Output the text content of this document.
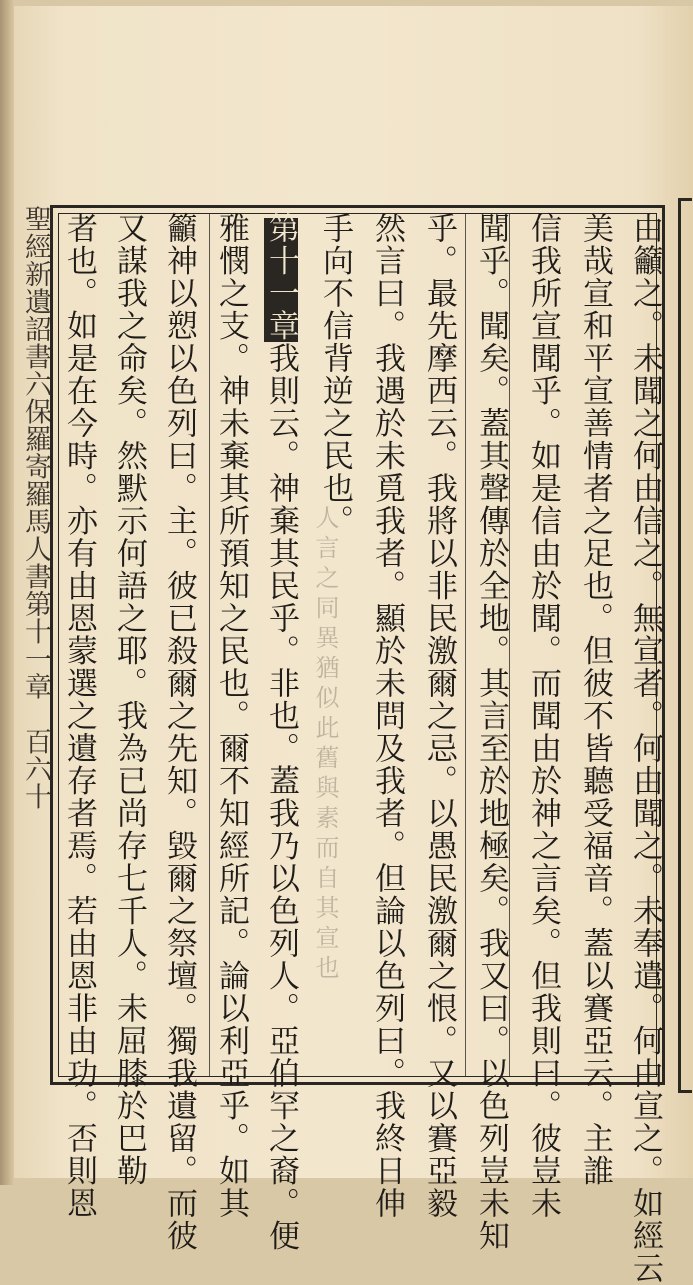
聖經新遺詔書六保羅寄羅馬人書第十一章　百六十	由籲之。未聞之何由信之。無宣者。何由聞之。未奉遣。何由宣之。如經云
美哉宣和平宣善情者之足也。但彼不皆聽受福音。蓋以賽亞云。主誰
信我所宣聞乎。如是信由於聞。而聞由於神之言矣。但我則曰。彼豈未
聞乎。聞矣。蓋其聲傳於全地。其言至於地極矣。我又曰。以色列豈未知
乎。最先摩西云。我將以非民激爾之忌。以愚民激爾之恨。又以賽亞毅
然言曰。我遇於未覓我者。顯於未問及我者。但論以色列曰。我終日伸
手向不信背逆之民也。
第十一章我則云。神棄其民乎。非也。蓋我乃以色列人。亞伯罕之裔。便
雅憫之支。神未棄其所預知之民也。爾不知經所記。論以利亞乎。如其
籲神以愬以色列曰。主。彼已殺爾之先知。毀爾之祭壇。獨我遺留。而彼
又謀我之命矣。然默示何語之耶。我為已尚存七千人。未屈膝於巴勒
者也。如是在今時。亦有由恩蒙選之遺存者焉。若由恩非由功。否則恩	人言之同異猶似此舊與素而自其宣也
